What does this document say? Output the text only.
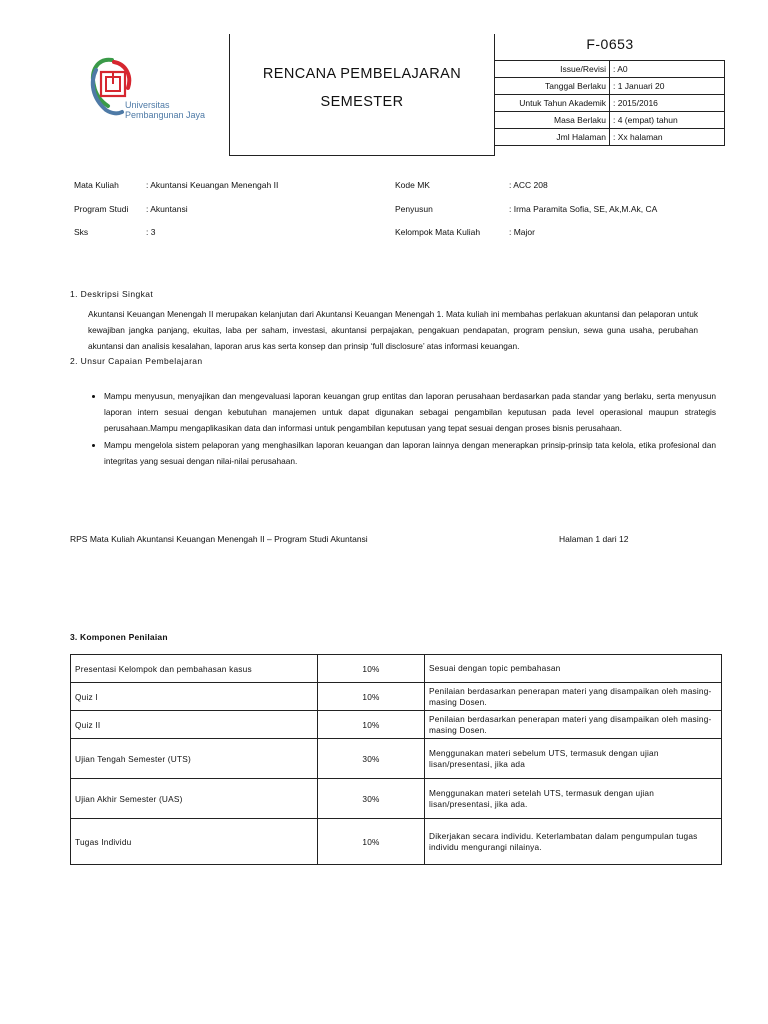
Universitas
Pembangunan Jaya
RENCANA PEMBELAJARAN
SEMESTER
F-0653
Issue/Revisi	: A0
Tanggal Berlaku	: 1 Januari 20
Untuk Tahun Akademik	: 2015/2016
Masa Berlaku	: 4 (empat) tahun
Jml Halaman	: Xx halaman
Mata Kuliah	: Akuntansi Keuangan Menengah II
Program Studi : Akuntansi
Sks	: 3
Kode MK	: ACC 208
Penyusun	: Irma Paramita Sofia, SE, Ak,M.Ak, CA
Kelompok Mata Kuliah	: Major
1. Deskripsi Singkat
Akuntansi Keuangan Menengah II merupakan kelanjutan dari Akuntansi Keuangan Menengah 1. Mata kuliah ini membahas perlakuan akuntansi dan pelaporan untuk kewajiban jangka panjang, ekuitas, laba per saham, investasi, akuntansi perpajakan, pengakuan pendapatan, program pensiun, sewa guna usaha, perubahan akuntansi dan analisis kesalahan, laporan arus kas serta konsep dan prinsip ‘full disclosure’ atas informasi keuangan.
2. Unsur Capaian Pembelajaran
• Mampu menyusun, menyajikan dan mengevaluasi laporan keuangan grup entitas dan laporan perusahaan berdasarkan pada standar yang berlaku, serta menyusun laporan intern sesuai dengan kebutuhan manajemen untuk dapat digunakan sebagai pengambilan keputusan pada level operasional maupun strategis perusahaan.Mampu mengaplikasikan data dan informasi untuk pengambilan keputusan yang tepat sesuai dengan proses bisnis perusahaan.
• Mampu mengelola sistem pelaporan yang menghasilkan laporan keuangan dan laporan lainnya dengan menerapkan prinsip-prinsip tata kelola, etika profesional dan integritas yang sesuai dengan nilai-nilai perusahaan.
RPS Mata Kuliah Akuntansi Keuangan Menengah II – Program Studi Akuntansi	Halaman 1 dari 12
3. Komponen Penilaian
Presentasi Kelompok dan pembahasan kasus	10%	Sesuai dengan topic pembahasan
Quiz I	10%	Penilaian berdasarkan penerapan materi yang disampaikan oleh masing-masing Dosen.
Quiz II	10%	Penilaian berdasarkan penerapan materi yang disampaikan oleh masing-masing Dosen.
Ujian Tengah Semester (UTS)	30%	Menggunakan materi sebelum UTS, termasuk dengan ujian lisan/presentasi, jika ada
Ujian Akhir Semester (UAS)	30%	Menggunakan materi setelah UTS, termasuk dengan ujian lisan/presentasi, jika ada.
Tugas Individu	10%	Dikerjakan secara individu. Keterlambatan dalam pengumpulan tugas individu mengurangi nilainya.
